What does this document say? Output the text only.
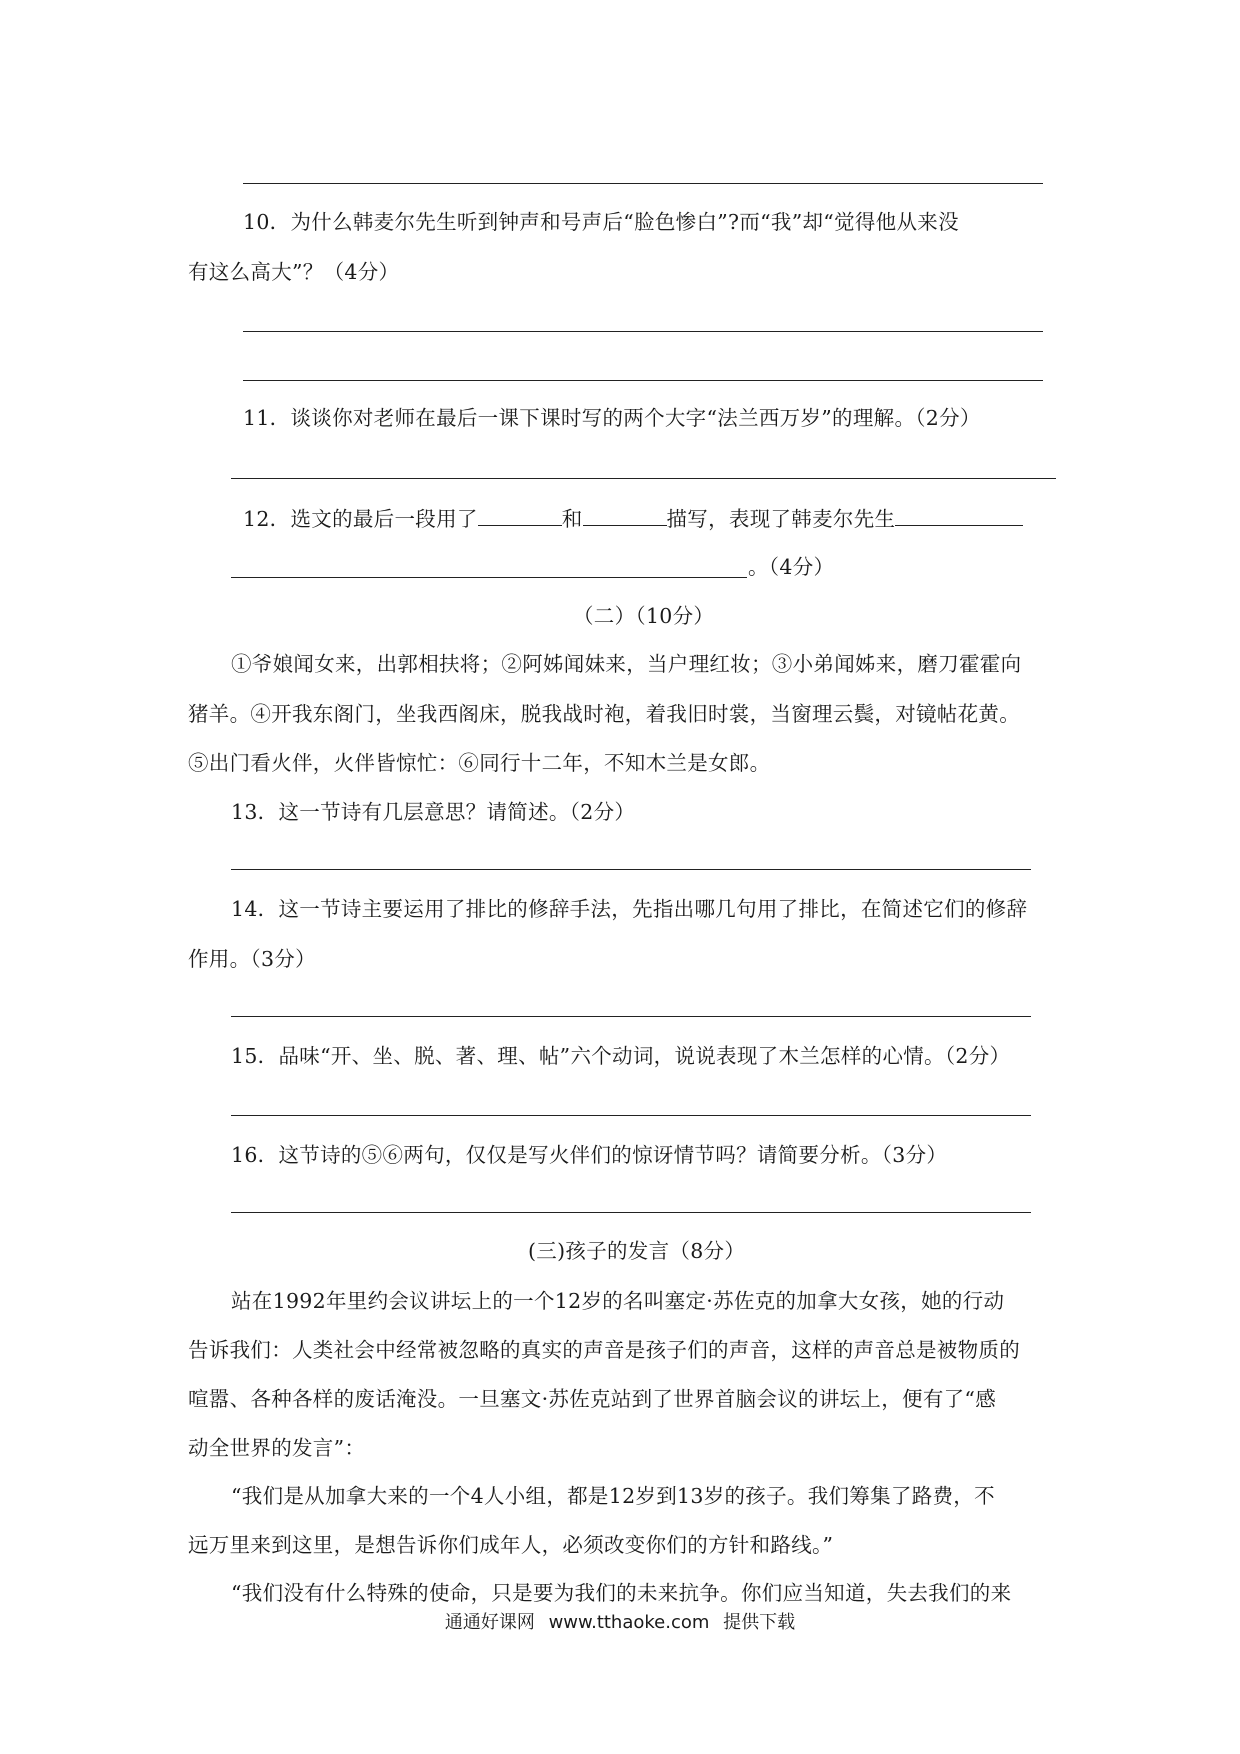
10．为什么韩麦尔先生听到钟声和号声后“脸色惨白”?而“我”却“觉得他从来没
有这么高大”？（4分）
11．谈谈你对老师在最后一课下课时写的两个大字“法兰西万岁”的理解。（2分）
12．选文的最后一段用了	和	描写，表现了韩麦尔先生
。（4分）
（二）（10分）
①爷娘闻女来，出郭相扶将；②阿姊闻妹来，当户理红妆；③小弟闻姊来，磨刀霍霍向
猪羊。④开我东阁门，坐我西阁床，脱我战时袍，着我旧时裳，当窗理云鬓，对镜帖花黄。
⑤出门看火伴，火伴皆惊忙：⑥同行十二年，不知木兰是女郎。
13．这一节诗有几层意思？请简述。（2分）
14．这一节诗主要运用了排比的修辞手法，先指出哪几句用了排比，在简述它们的修辞
作用。（3分）
15．品味“开、坐、脱、著、理、帖”六个动词，说说表现了木兰怎样的心情。（2分）
16．这节诗的⑤⑥两句，仅仅是写火伴们的惊讶情节吗？请简要分析。（3分）
(三)孩子的发言（8分）
站在1992年里约会议讲坛上的一个12岁的名叫塞定·苏佐克的加拿大女孩，她的行动
告诉我们：人类社会中经常被忽略的真实的声音是孩子们的声音，这样的声音总是被物质的
喧嚣、各种各样的废话淹没。一旦塞文·苏佐克站到了世界首脑会议的讲坛上，便有了“感
动全世界的发言”：
“我们是从加拿大来的一个4人小组，都是12岁到13岁的孩子。我们筹集了路费，不
远万里来到这里，是想告诉你们成年人，必须改变你们的方针和路线。”
“我们没有什么特殊的使命，只是要为我们的未来抗争。你们应当知道，失去我们的来
通通好课网 www.tthaoke.com 提供下载
